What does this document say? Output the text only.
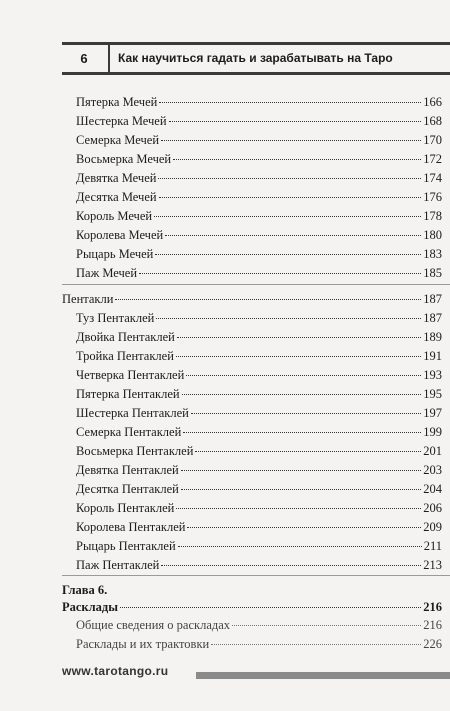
6	Как научиться гадать и зарабатывать на Таро
Пятерка Мечей	166
Шестерка Мечей	168
Семерка Мечей	170
Восьмерка Мечей	172
Девятка Мечей	174
Десятка Мечей	176
Король Мечей	178
Королева Мечей	180
Рыцарь Мечей	183
Паж Мечей	185
Пентакли	187
Туз Пентаклей	187
Двойка Пентаклей	189
Тройка Пентаклей	191
Четверка Пентаклей	193
Пятерка Пентаклей	195
Шестерка Пентаклей	197
Семерка Пентаклей	199
Восьмерка Пентаклей	201
Девятка Пентаклей	203
Десятка Пентаклей	204
Король Пентаклей	206
Королева Пентаклей	209
Рыцарь Пентаклей	211
Паж Пентаклей	213
Глава 6.
Расклады	216
Общие сведения о раскладах	216
Расклады и их трактовки	226
www.tarotango.ru
